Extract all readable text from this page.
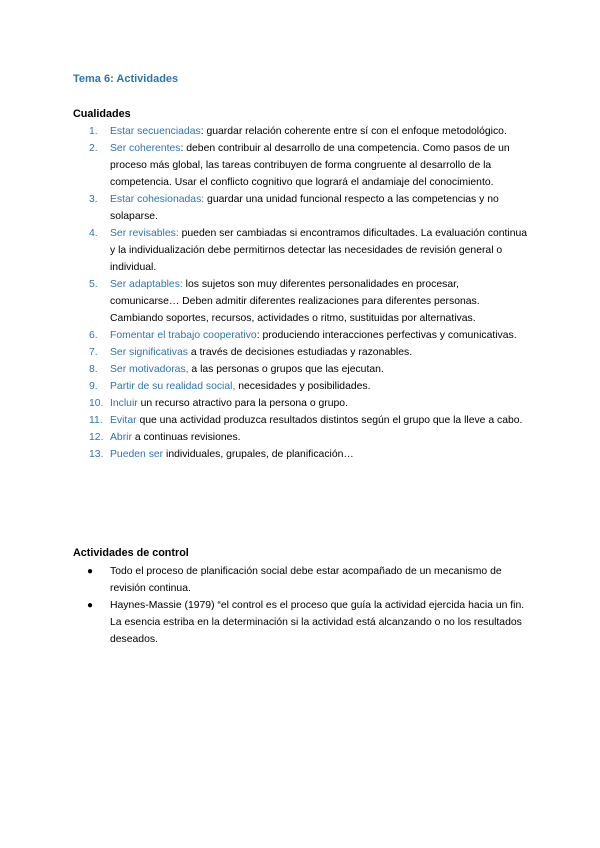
Tema 6: Actividades
Cualidades
1. Estar secuenciadas: guardar relación coherente entre sí con el enfoque metodológico.
2. Ser coherentes: deben contribuir al desarrollo de una competencia. Como pasos de un proceso más global, las tareas contribuyen de forma congruente al desarrollo de la competencia. Usar el conflicto cognitivo que logrará el andamiaje del conocimiento.
3. Estar cohesionadas: guardar una unidad funcional respecto a las competencias y no solaparse.
4. Ser revisables: pueden ser cambiadas si encontramos dificultades. La evaluación continua y la individualización debe permitirnos detectar las necesidades de revisión general o individual.
5. Ser adaptables: los sujetos son muy diferentes personalidades en procesar, comunicarse… Deben admitir diferentes realizaciones para diferentes personas. Cambiando soportes, recursos, actividades o ritmo, sustituidas por alternativas.
6. Fomentar el trabajo cooperativo: produciendo interacciones perfectivas y comunicativas.
7. Ser significativas a través de decisiones estudiadas y razonables.
8. Ser motivadoras, a las personas o grupos que las ejecutan.
9. Partir de su realidad social, necesidades y posibilidades.
10. Incluir un recurso atractivo para la persona o grupo.
11. Evitar que una actividad produzca resultados distintos según el grupo que la lleve a cabo.
12. Abrir a continuas revisiones.
13. Pueden ser individuales, grupales, de planificación…
Actividades de control
● Todo el proceso de planificación social debe estar acompañado de un mecanismo de revisión continua.
● Haynes-Massie (1979) “el control es el proceso que guía la actividad ejercida hacia un fin. La esencia estriba en la determinación si la actividad está alcanzando o no los resultados deseados.
